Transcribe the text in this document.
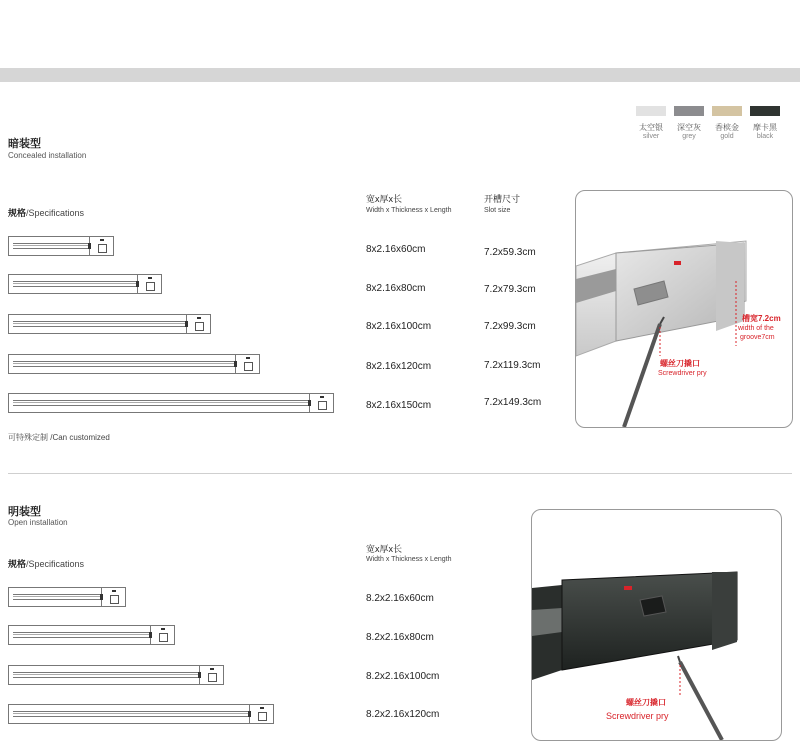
太空银	深空灰	香槟金	摩卡黑
silver	grey	gold	black
暗装型
Concealed installation
规格/Specifications
宽x厚x长
Width x Thickness x Length
开槽尺寸
Slot size
8x2.16x60cm	7.2x59.3cm
8x2.16x80cm	7.2x79.3cm
8x2.16x100cm	7.2x99.3cm
8x2.16x120cm	7.2x119.3cm
8x2.16x150cm	7.2x149.3cm
可特殊定制 /Can customized
槽宽7.2cm
width of the
groove7cm
螺丝刀撬口
Screwdriver pry
明装型
Open installation
规格/Specifications
宽x厚x长
Width x Thickness x Length
8.2x2.16x60cm
8.2x2.16x80cm
8.2x2.16x100cm
8.2x2.16x120cm
螺丝刀撬口
Screwdriver pry
